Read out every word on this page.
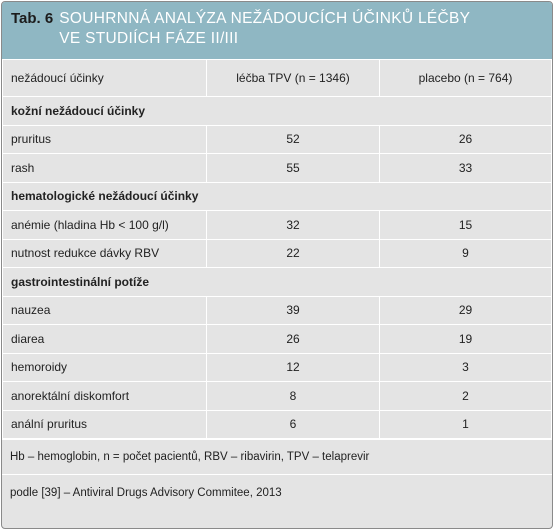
Tab. 6 SOUHRNNÁ ANALÝZA NEŽÁDOUCÍCH ÚČINKŮ LÉČBY
VE STUDIÍCH FÁZE II/III
nežádoucí účinky	léčba TPV (n = 1346)	placebo (n = 764)
kožní nežádoucí účinky		
pruritus	52	26
rash	55	33
hematologické nežádoucí účinky		
anémie (hladina Hb < 100 g/l)	32	15
nutnost redukce dávky RBV	22	9
gastrointestinální potíže		
nauzea	39	29
diarea	26	19
hemoroidy	12	3
anorektální diskomfort	8	2
anální pruritus	6	1
Hb – hemoglobin, n = počet pacientů, RBV – ribavirin, TPV – telaprevir
podle [39] – Antiviral Drugs Advisory Commitee, 2013
